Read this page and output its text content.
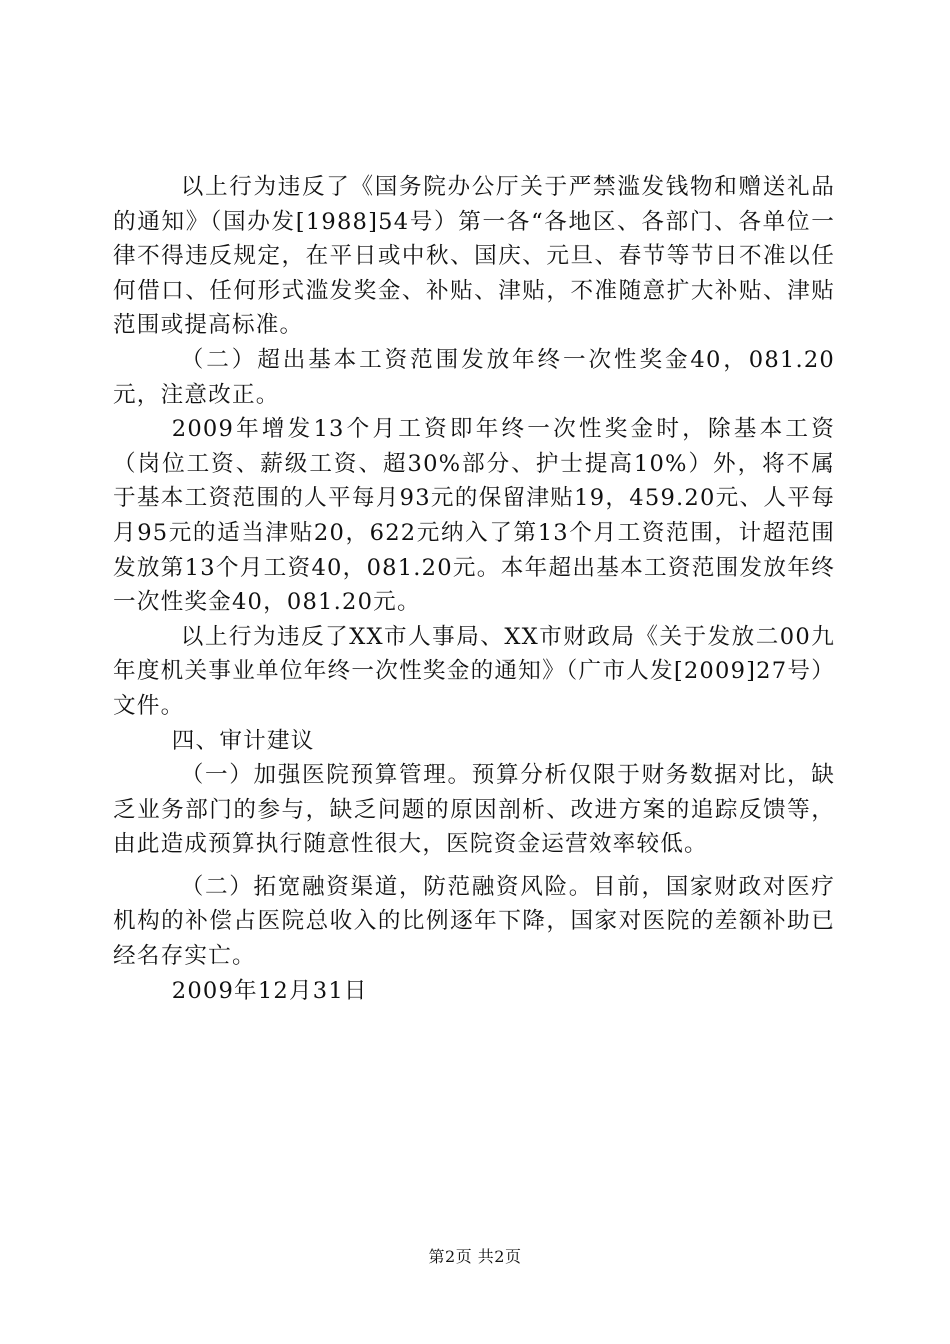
以上行为违反了《国务院办公厅关于严禁滥发钱物和赠送礼品的通知》（国办发[1988]54号）第一各“各地区、各部门、各单位一律不得违反规定，在平日或中秋、国庆、元旦、春节等节日不准以任何借口、任何形式滥发奖金、补贴、津贴，不准随意扩大补贴、津贴范围或提高标准。

（二）超出基本工资范围发放年终一次性奖金40，081.20元，注意改正。

2009年增发13个月工资即年终一次性奖金时，除基本工资（岗位工资、薪级工资、超30%部分、护士提高10%）外，将不属于基本工资范围的人平每月93元的保留津贴19，459.20元、人平每月95元的适当津贴20，622元纳入了第13个月工资范围，计超范围发放第13个月工资40，081.20元。本年超出基本工资范围发放年终一次性奖金40，081.20元。

以上行为违反了XX市人事局、XX市财政局《关于发放二00九年度机关事业单位年终一次性奖金的通知》（广市人发[2009]27号）文件。

四、审计建议

（一）加强医院预算管理。预算分析仅限于财务数据对比，缺乏业务部门的参与，缺乏问题的原因剖析、改进方案的追踪反馈等，由此造成预算执行随意性很大，医院资金运营效率较低。

（二）拓宽融资渠道，防范融资风险。目前，国家财政对医疗机构的补偿占医院总收入的比例逐年下降，国家对医院的差额补助已经名存实亡。

2009年12月31日

第2页 共2页
